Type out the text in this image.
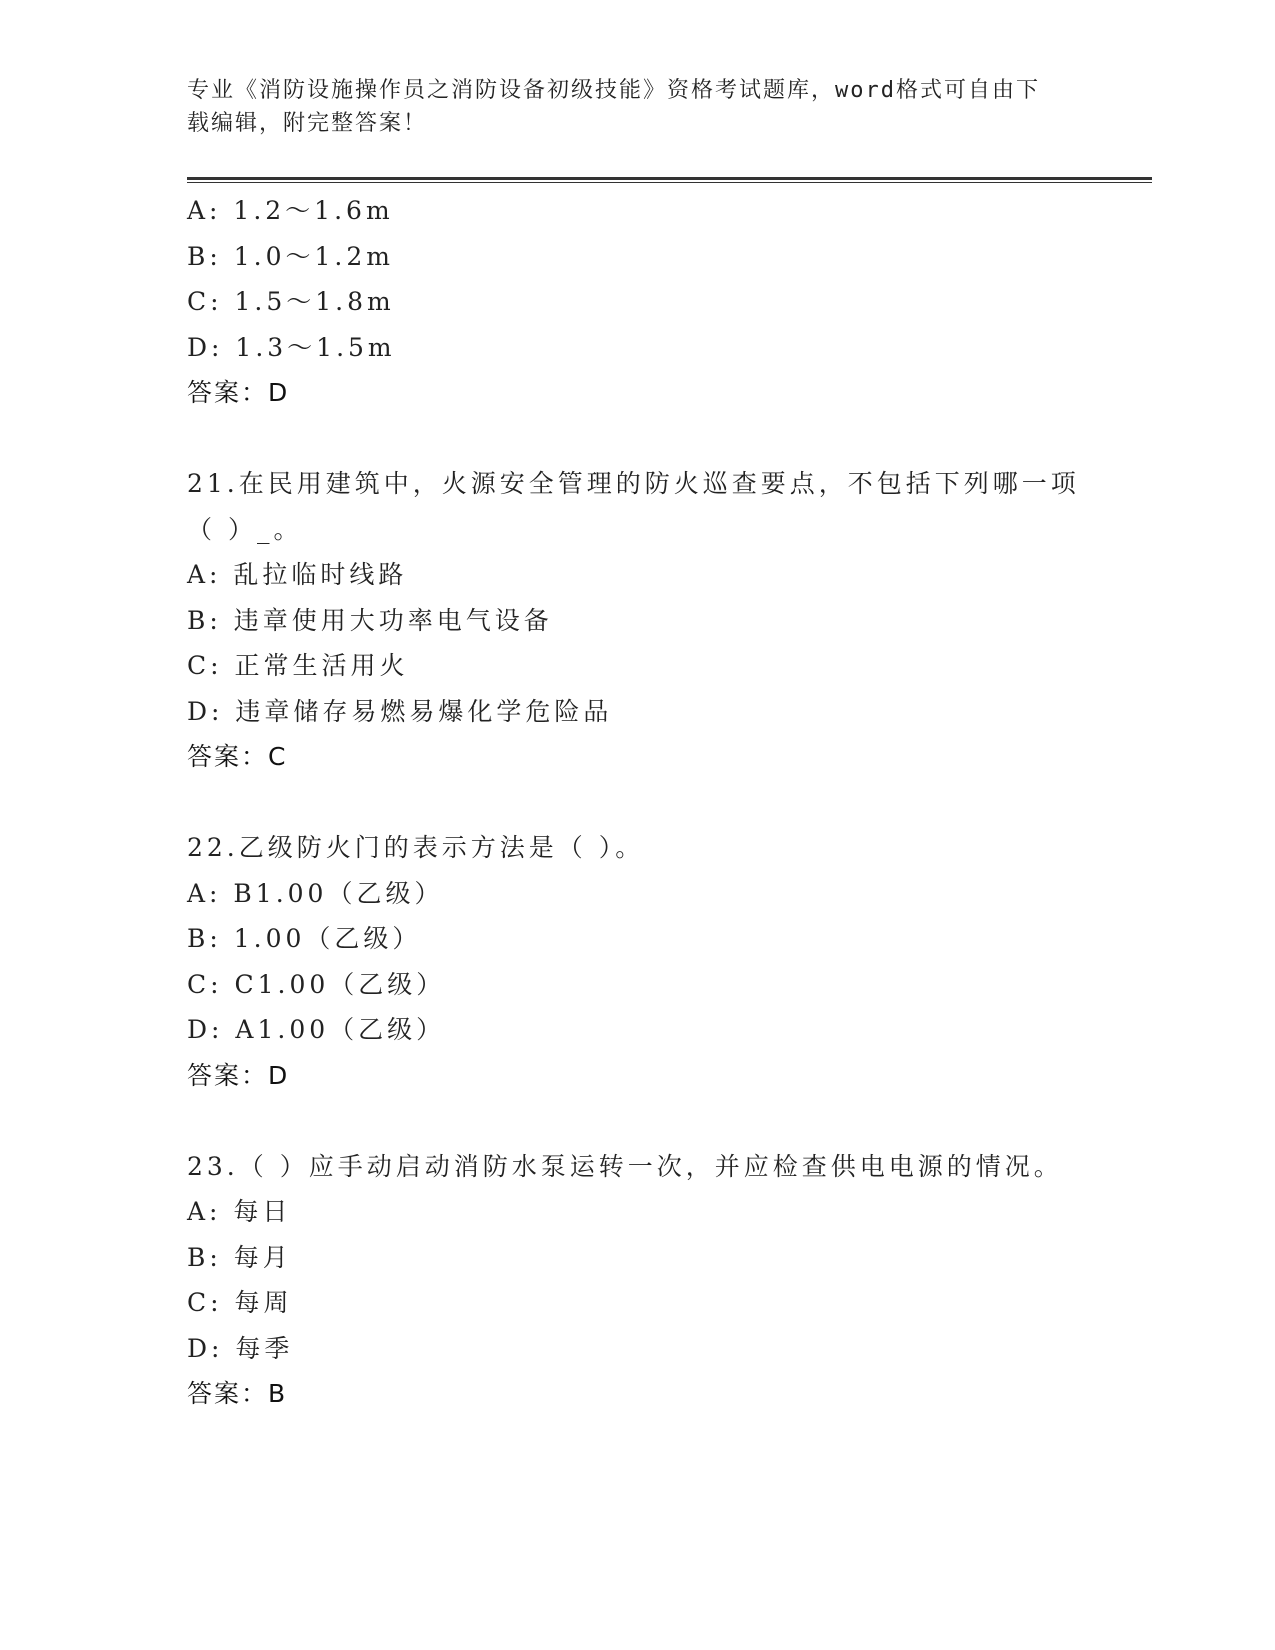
专业《消防设施操作员之消防设备初级技能》资格考试题库，word格式可自由下
载编辑，附完整答案！
A: 1.2～1.6m
B: 1.0～1.2m
C: 1.5～1.8m
D: 1.3～1.5m
答案：D
21.在民用建筑中，火源安全管理的防火巡查要点，不包括下列哪一项
（ ）_。
A: 乱拉临时线路
B: 违章使用大功率电气设备
C: 正常生活用火
D: 违章储存易燃易爆化学危险品
答案：C
22.乙级防火门的表示方法是（ ）。
A: B1.00（乙级）
B: 1.00（乙级）
C: C1.00（乙级）
D: A1.00（乙级）
答案：D
23.（ ）应手动启动消防水泵运转一次，并应检查供电电源的情况。
A: 每日
B: 每月
C: 每周
D: 每季
答案：B
